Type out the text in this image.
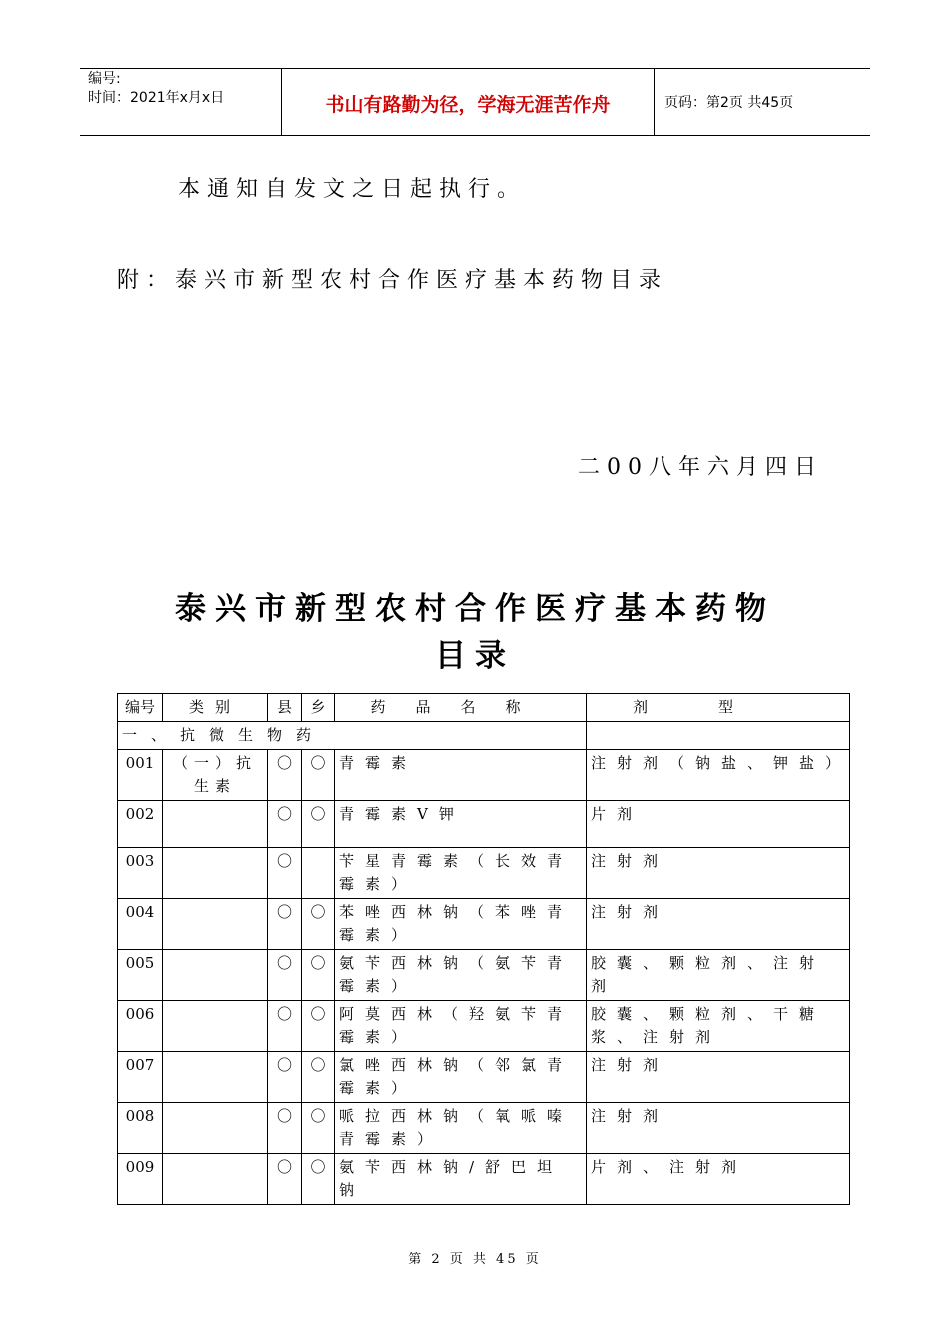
编号:
时间：2021年x月x日	书山有路勤为径，学海无涯苦作舟	页码：第2页 共45页
本通知自发文之日起执行。
附：泰兴市新型农村合作医疗基本药物目录
二00八年六月四日
泰兴市新型农村合作医疗基本药物
目录
编号	类别	县	乡	药品名称	剂型
一、抗微生物药					
001	（一）抗生素	〇	〇	青霉素	注射剂（钠盐、钾盐）
002		〇	〇	青霉素V钾	片剂
003		〇		苄星青霉素（长效青霉素）	注射剂
004		〇	〇	苯唑西林钠（苯唑青霉素）	注射剂
005		〇	〇	氨苄西林钠（氨苄青霉素）	胶囊、颗粒剂、注射剂
006		〇	〇	阿莫西林（羟氨苄青霉素）	胶囊、颗粒剂、干糖浆、注射剂
007		〇	〇	氯唑西林钠（邻氯青霉素）	注射剂
008		〇	〇	哌拉西林钠（氧哌嗪青霉素）	注射剂
009		〇	〇	氨苄西林钠/舒巴坦钠	片剂、注射剂
第 2 页 共 45 页
